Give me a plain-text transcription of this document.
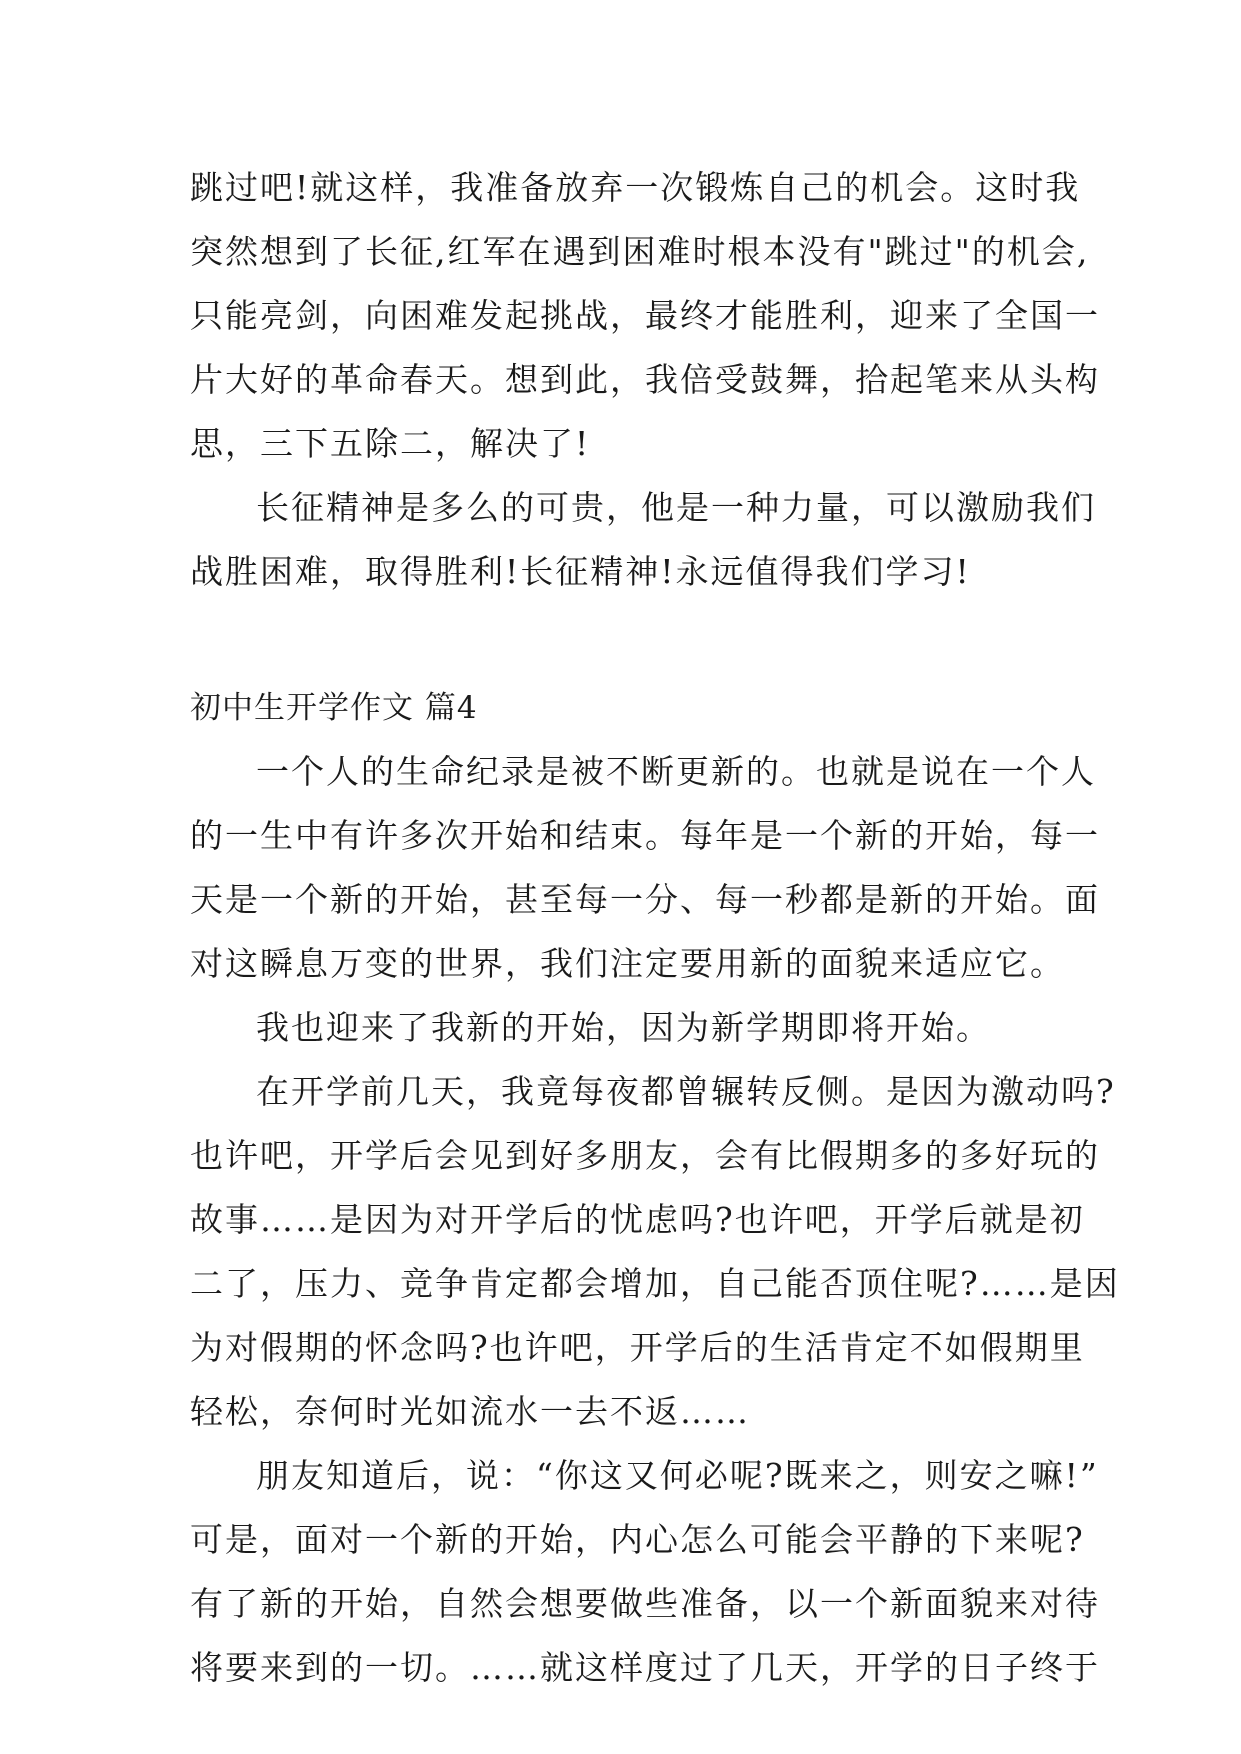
跳过吧!就这样，我准备放弃一次锻炼自己的机会。这时我
突然想到了长征,红军在遇到困难时根本没有"跳过"的机会,
只能亮剑，向困难发起挑战，最终才能胜利，迎来了全国一
片大好的革命春天。想到此，我倍受鼓舞，拾起笔来从头构
思，三下五除二，解决了!
长征精神是多么的可贵，他是一种力量，可以激励我们
战胜困难，取得胜利!长征精神!永远值得我们学习!
初中生开学作文 篇4
一个人的生命纪录是被不断更新的。也就是说在一个人
的一生中有许多次开始和结束。每年是一个新的开始，每一
天是一个新的开始，甚至每一分、每一秒都是新的开始。面
对这瞬息万变的世界，我们注定要用新的面貌来适应它。
我也迎来了我新的开始，因为新学期即将开始。
在开学前几天，我竟每夜都曾辗转反侧。是因为激动吗?
也许吧，开学后会见到好多朋友，会有比假期多的多好玩的
故事……是因为对开学后的忧虑吗?也许吧，开学后就是初
二了，压力、竞争肯定都会增加，自己能否顶住呢?……是因
为对假期的怀念吗?也许吧，开学后的生活肯定不如假期里
轻松，奈何时光如流水一去不返……
朋友知道后，说：“你这又何必呢?既来之，则安之嘛!”
可是，面对一个新的开始，内心怎么可能会平静的下来呢?
有了新的开始，自然会想要做些准备，以一个新面貌来对待
将要来到的一切。……就这样度过了几天，开学的日子终于
